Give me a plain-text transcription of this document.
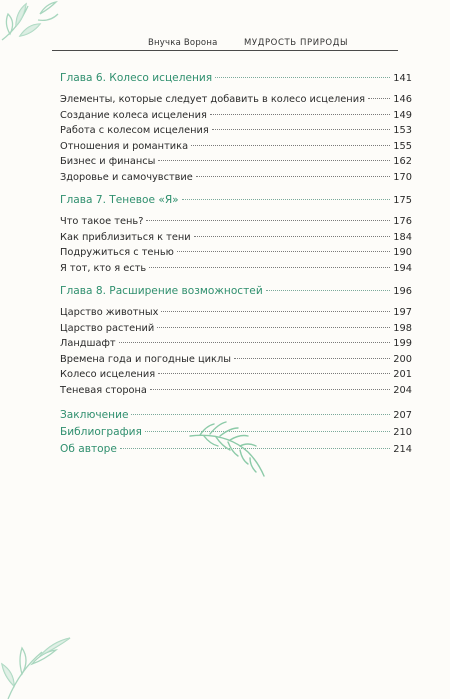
Внучка Ворона	МУДРОСТЬ ПРИРОДЫ
Глава 6. Колесо исцеления	141
Элементы, которые следует добавить в колесо исцеления	146
Создание колеса исцеления	149
Работа с колесом исцеления	153
Отношения и романтика	155
Бизнес и финансы	162
Здоровье и самочувствие	170
Глава 7. Теневое «Я»	175
Что такое тень?	176
Как приблизиться к тени	184
Подружиться с тенью	190
Я тот, кто я есть	194
Глава 8. Расширение возможностей	196
Царство животных	197
Царство растений	198
Ландшафт	199
Времена года и погодные циклы	200
Колесо исцеления	201
Теневая сторона	204
Заключение	207
Библиография	210
Об авторе	214
